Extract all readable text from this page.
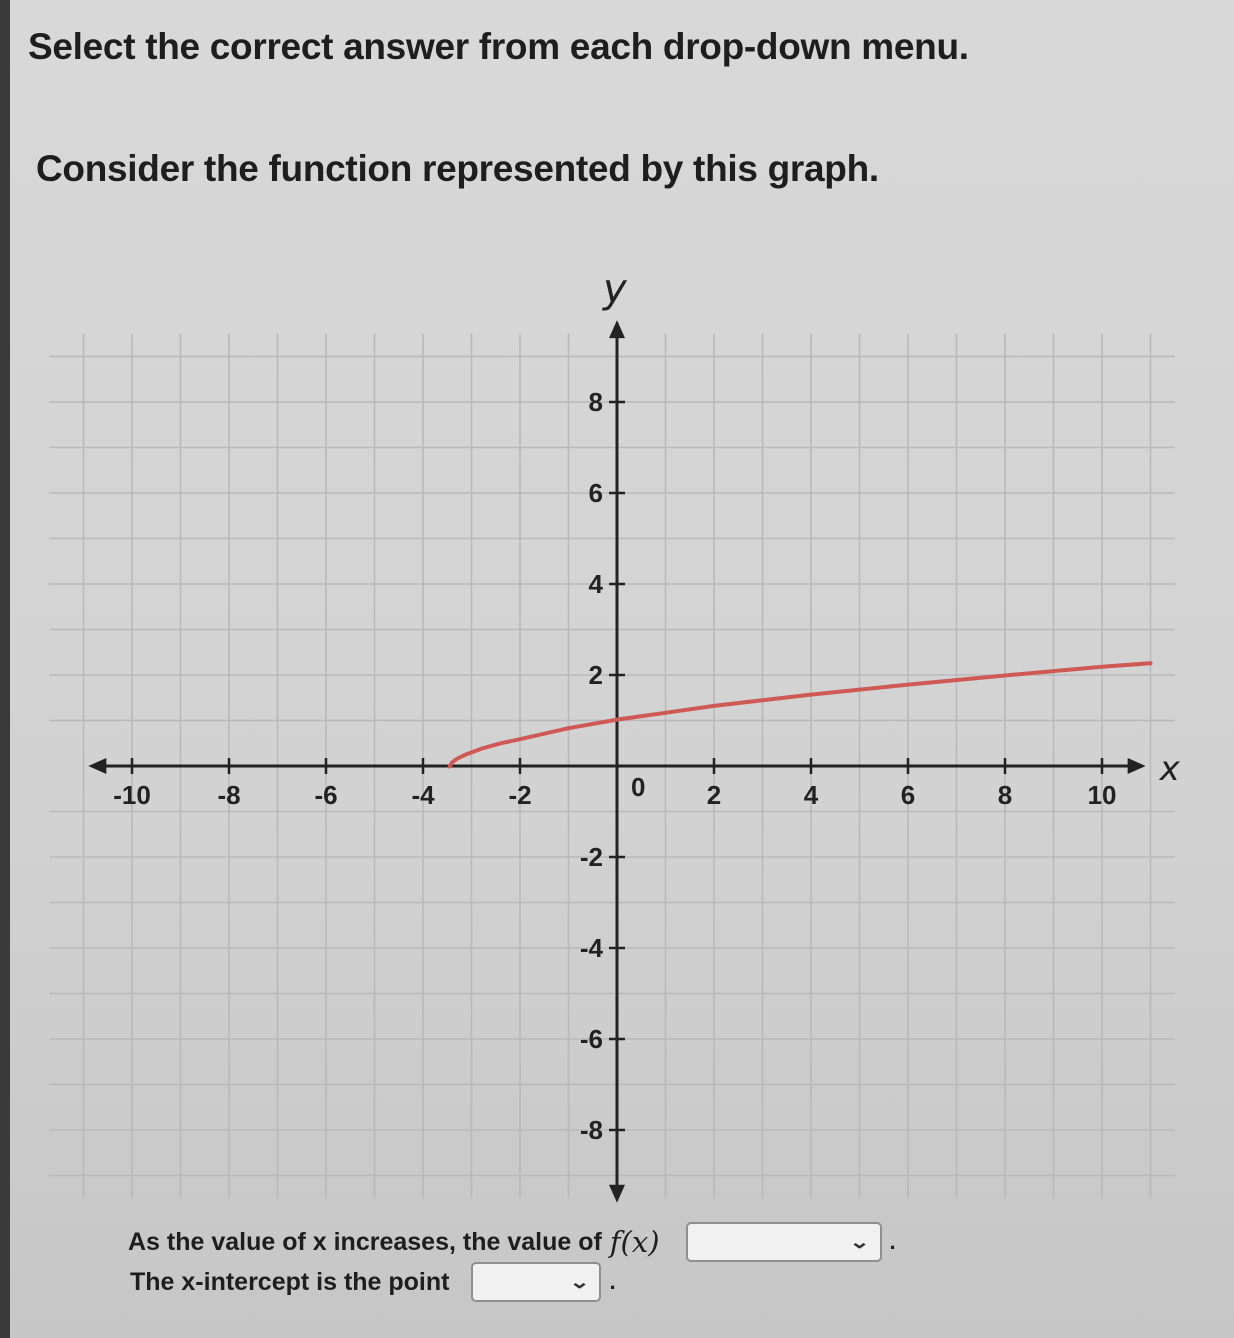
Select the correct answer from each drop-down menu.

Consider the function represented by this graph.

x
y
-10	-8	-6	-4	-2	2	4	6	8	10
-8
-6
-4
-2
2
4
6
8
0
As the value of x increases, the value of f(x)	⌄ .
The x-intercept is the point	⌄ .
